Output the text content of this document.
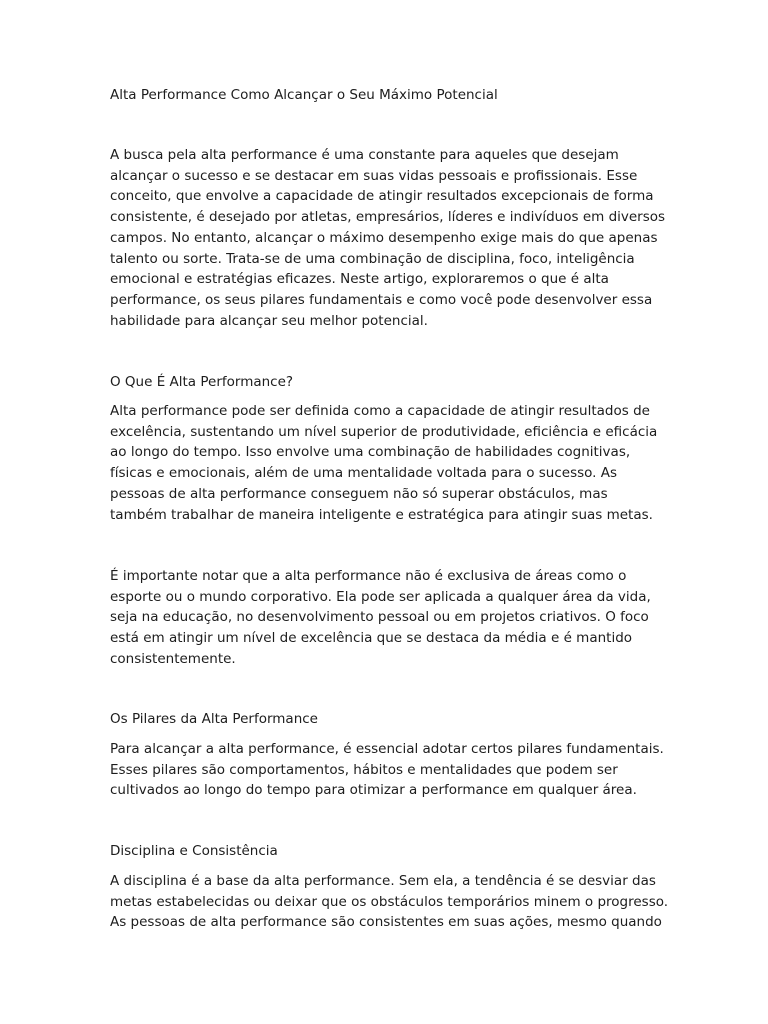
Alta Performance Como Alcançar o Seu Máximo Potencial

A busca pela alta performance é uma constante para aqueles que desejam
alcançar o sucesso e se destacar em suas vidas pessoais e profissionais. Esse
conceito, que envolve a capacidade de atingir resultados excepcionais de forma
consistente, é desejado por atletas, empresários, líderes e indivíduos em diversos
campos. No entanto, alcançar o máximo desempenho exige mais do que apenas
talento ou sorte. Trata-se de uma combinação de disciplina, foco, inteligência
emocional e estratégias eficazes. Neste artigo, exploraremos o que é alta
performance, os seus pilares fundamentais e como você pode desenvolver essa
habilidade para alcançar seu melhor potencial.

O Que É Alta Performance?

Alta performance pode ser definida como a capacidade de atingir resultados de
excelência, sustentando um nível superior de produtividade, eficiência e eficácia
ao longo do tempo. Isso envolve uma combinação de habilidades cognitivas,
físicas e emocionais, além de uma mentalidade voltada para o sucesso. As
pessoas de alta performance conseguem não só superar obstáculos, mas
também trabalhar de maneira inteligente e estratégica para atingir suas metas.

É importante notar que a alta performance não é exclusiva de áreas como o
esporte ou o mundo corporativo. Ela pode ser aplicada a qualquer área da vida,
seja na educação, no desenvolvimento pessoal ou em projetos criativos. O foco
está em atingir um nível de excelência que se destaca da média e é mantido
consistentemente.

Os Pilares da Alta Performance

Para alcançar a alta performance, é essencial adotar certos pilares fundamentais.
Esses pilares são comportamentos, hábitos e mentalidades que podem ser
cultivados ao longo do tempo para otimizar a performance em qualquer área.

Disciplina e Consistência

A disciplina é a base da alta performance. Sem ela, a tendência é se desviar das
metas estabelecidas ou deixar que os obstáculos temporários minem o progresso.
As pessoas de alta performance são consistentes em suas ações, mesmo quando
